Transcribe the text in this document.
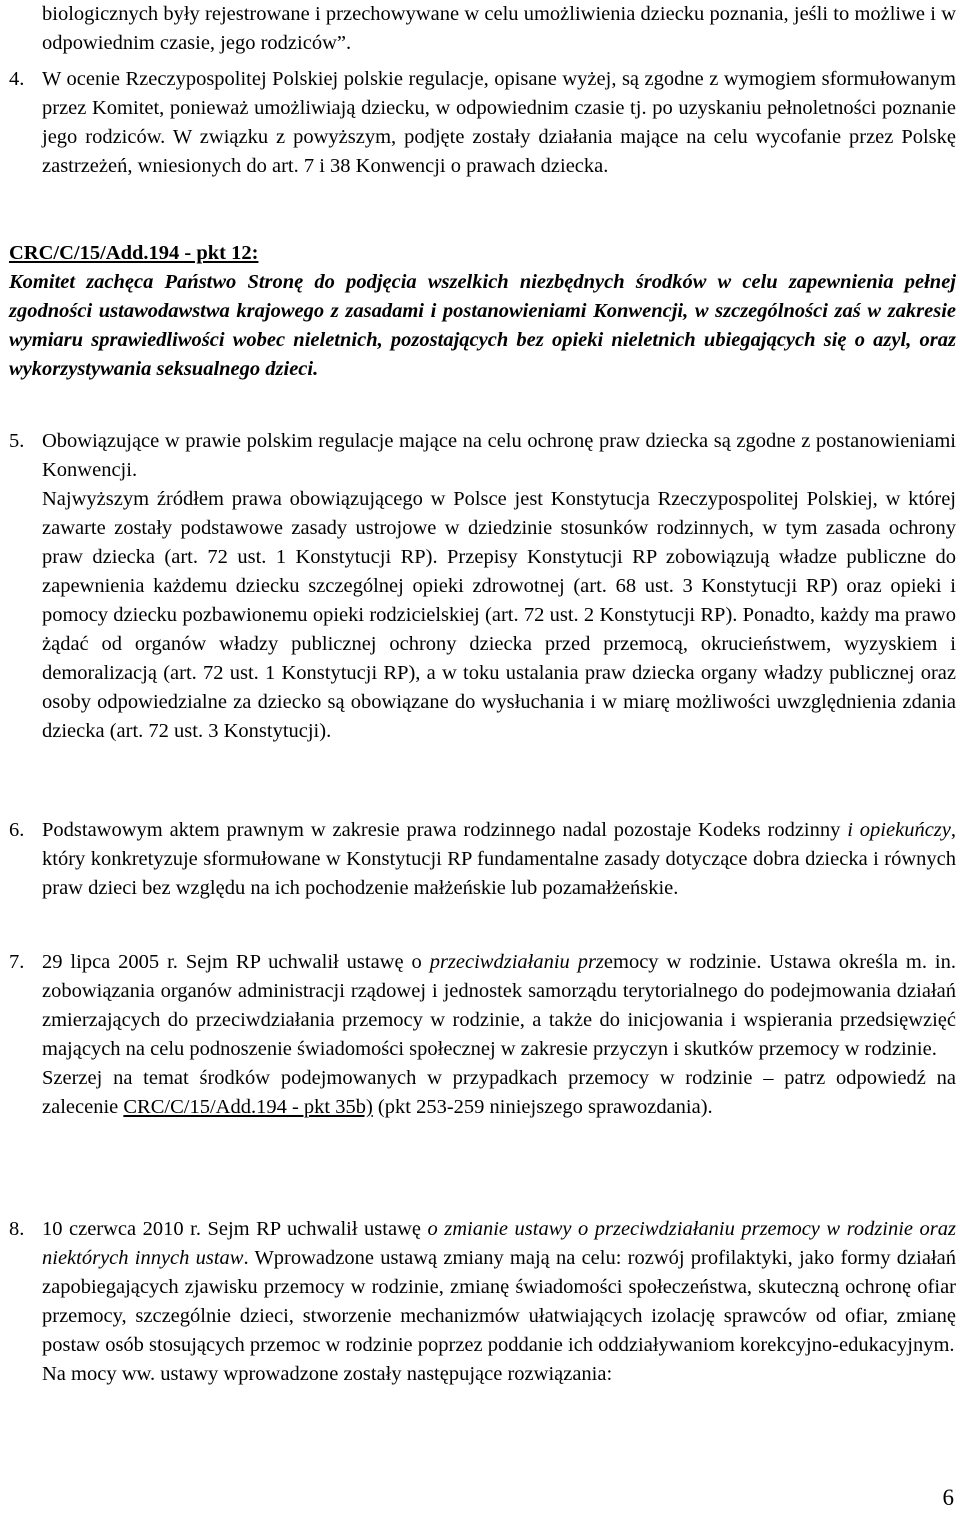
biologicznych były rejestrowane i przechowywane w celu umożliwienia dziecku poznania, jeśli to możliwe i w odpowiednim czasie, jego rodziców”.

4. W ocenie Rzeczypospolitej Polskiej polskie regulacje, opisane wyżej, są zgodne z wymogiem sformułowanym przez Komitet, ponieważ umożliwiają dziecku, w odpowiednim czasie tj. po uzyskaniu pełnoletności poznanie jego rodziców. W związku z powyższym, podjęte zostały działania mające na celu wycofanie przez Polskę zastrzeżeń, wniesionych do art. 7 i 38 Konwencji o prawach dziecka.

CRC/C/15/Add.194 - pkt 12:

Komitet zachęca Państwo Stronę do podjęcia wszelkich niezbędnych środków w celu zapewnienia pełnej zgodności ustawodawstwa krajowego z zasadami i postanowieniami Konwencji, w szczególności zaś w zakresie wymiaru sprawiedliwości wobec nieletnich, pozostających bez opieki nieletnich ubiegających się o azyl, oraz wykorzystywania seksualnego dzieci.

5. Obowiązujące w prawie polskim regulacje mające na celu ochronę praw dziecka są zgodne z postanowieniami Konwencji.

Najwyższym źródłem prawa obowiązującego w Polsce jest Konstytucja Rzeczypospolitej Polskiej, w której zawarte zostały podstawowe zasady ustrojowe w dziedzinie stosunków rodzinnych, w tym zasada ochrony praw dziecka (art. 72 ust. 1 Konstytucji RP). Przepisy Konstytucji RP zobowiązują władze publiczne do zapewnienia każdemu dziecku szczególnej opieki zdrowotnej (art. 68 ust. 3 Konstytucji RP) oraz opieki i pomocy dziecku pozbawionemu opieki rodzicielskiej (art. 72 ust. 2 Konstytucji RP). Ponadto, każdy ma prawo żądać od organów władzy publicznej ochrony dziecka przed przemocą, okrucieństwem, wyzyskiem i demoralizacją (art. 72 ust. 1 Konstytucji RP), a w toku ustalania praw dziecka organy władzy publicznej oraz osoby odpowiedzialne za dziecko są obowiązane do wysłuchania i w miarę możliwości uwzględnienia zdania dziecka (art. 72 ust. 3 Konstytucji).

6. Podstawowym aktem prawnym w zakresie prawa rodzinnego nadal pozostaje Kodeks rodzinny i opiekuńczy, który konkretyzuje sformułowane w Konstytucji RP fundamentalne zasady dotyczące dobra dziecka i równych praw dzieci bez względu na ich pochodzenie małżeńskie lub pozamałżeńskie.

7. 29 lipca 2005 r. Sejm RP uchwalił ustawę o przeciwdziałaniu przemocy w rodzinie. Ustawa określa m. in. zobowiązania organów administracji rządowej i jednostek samorządu terytorialnego do podejmowania działań zmierzających do przeciwdziałania przemocy w rodzinie, a także do inicjowania i wspierania przedsięwzięć mających na celu podnoszenie świadomości społecznej w zakresie przyczyn i skutków przemocy w rodzinie.

Szerzej na temat środków podejmowanych w przypadkach przemocy w rodzinie – patrz odpowiedź na zalecenie CRC/C/15/Add.194 - pkt 35b) (pkt 253-259 niniejszego sprawozdania).

8. 10 czerwca 2010 r. Sejm RP uchwalił ustawę o zmianie ustawy o przeciwdziałaniu przemocy w rodzinie oraz niektórych innych ustaw. Wprowadzone ustawą zmiany mają na celu: rozwój profilaktyki, jako formy działań zapobiegających zjawisku przemocy w rodzinie, zmianę świadomości społeczeństwa, skuteczną ochronę ofiar przemocy, szczególnie dzieci, stworzenie mechanizmów ułatwiających izolację sprawców od ofiar, zmianę postaw osób stosujących przemoc w rodzinie poprzez poddanie ich oddziaływaniom korekcyjno-edukacyjnym.

Na mocy ww. ustawy wprowadzone zostały następujące rozwiązania:

6
